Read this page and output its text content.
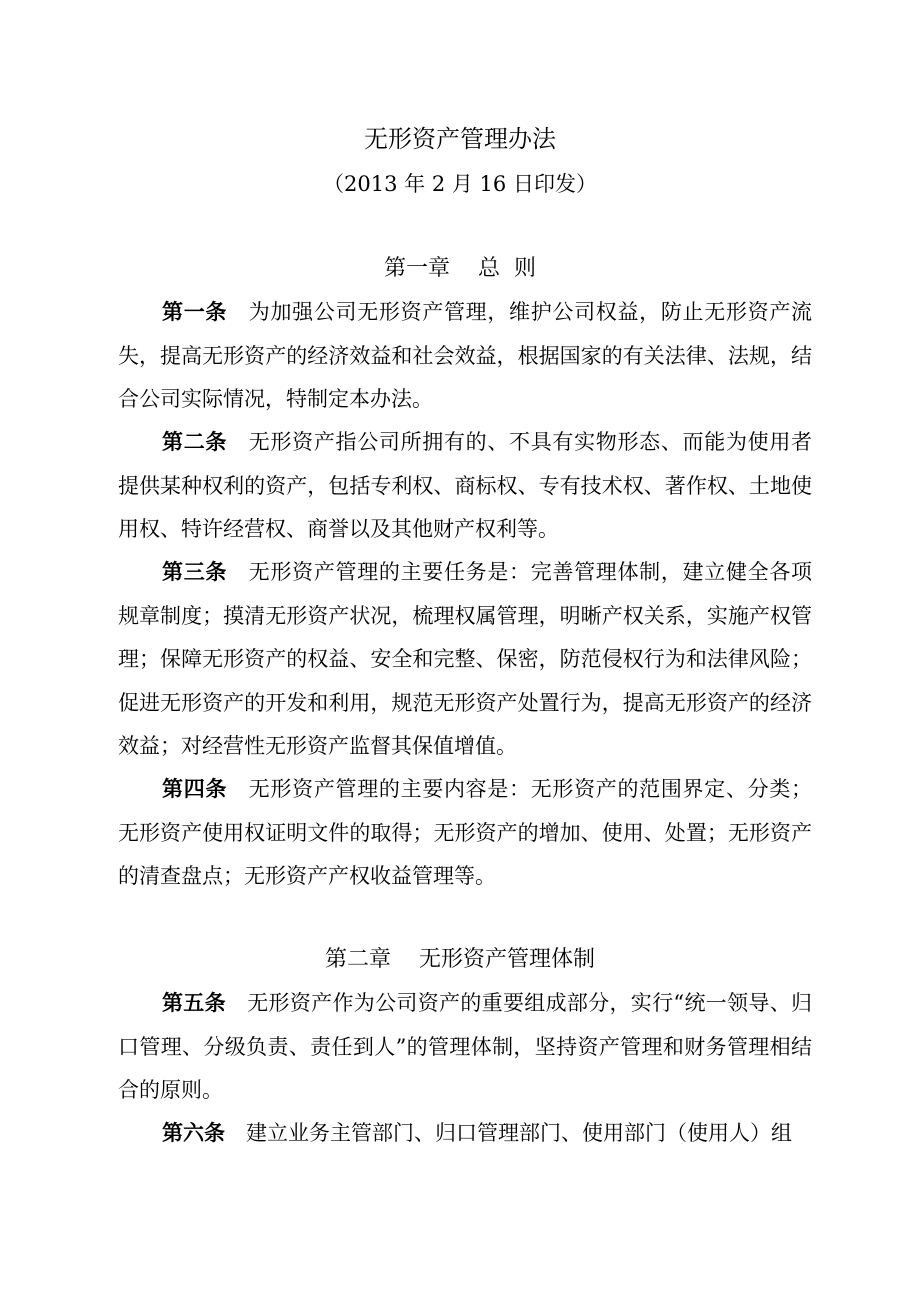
无形资产管理办法
（2013 年 2 月 16 日印发）
第一章    总  则

第一条  为加强公司无形资产管理，维护公司权益，防止无形资产流失，提高无形资产的经济效益和社会效益，根据国家的有关法律、法规，结合公司实际情况，特制定本办法。

第二条  无形资产指公司所拥有的、不具有实物形态、而能为使用者提供某种权利的资产，包括专利权、商标权、专有技术权、著作权、土地使用权、特许经营权、商誉以及其他财产权利等。

第三条  无形资产管理的主要任务是：完善管理体制，建立健全各项规章制度；摸清无形资产状况，梳理权属管理，明晰产权关系，实施产权管理；保障无形资产的权益、安全和完整、保密，防范侵权行为和法律风险；促进无形资产的开发和利用，规范无形资产处置行为，提高无形资产的经济效益；对经营性无形资产监督其保值增值。

第四条  无形资产管理的主要内容是：无形资产的范围界定、分类；无形资产使用权证明文件的取得；无形资产的增加、使用、处置；无形资产的清查盘点；无形资产产权收益管理等。

第二章    无形资产管理体制

第五条  无形资产作为公司资产的重要组成部分，实行“统一领导、归口管理、分级负责、责任到人”的管理体制，坚持资产管理和财务管理相结合的原则。

第六条  建立业务主管部门、归口管理部门、使用部门（使用人）组
